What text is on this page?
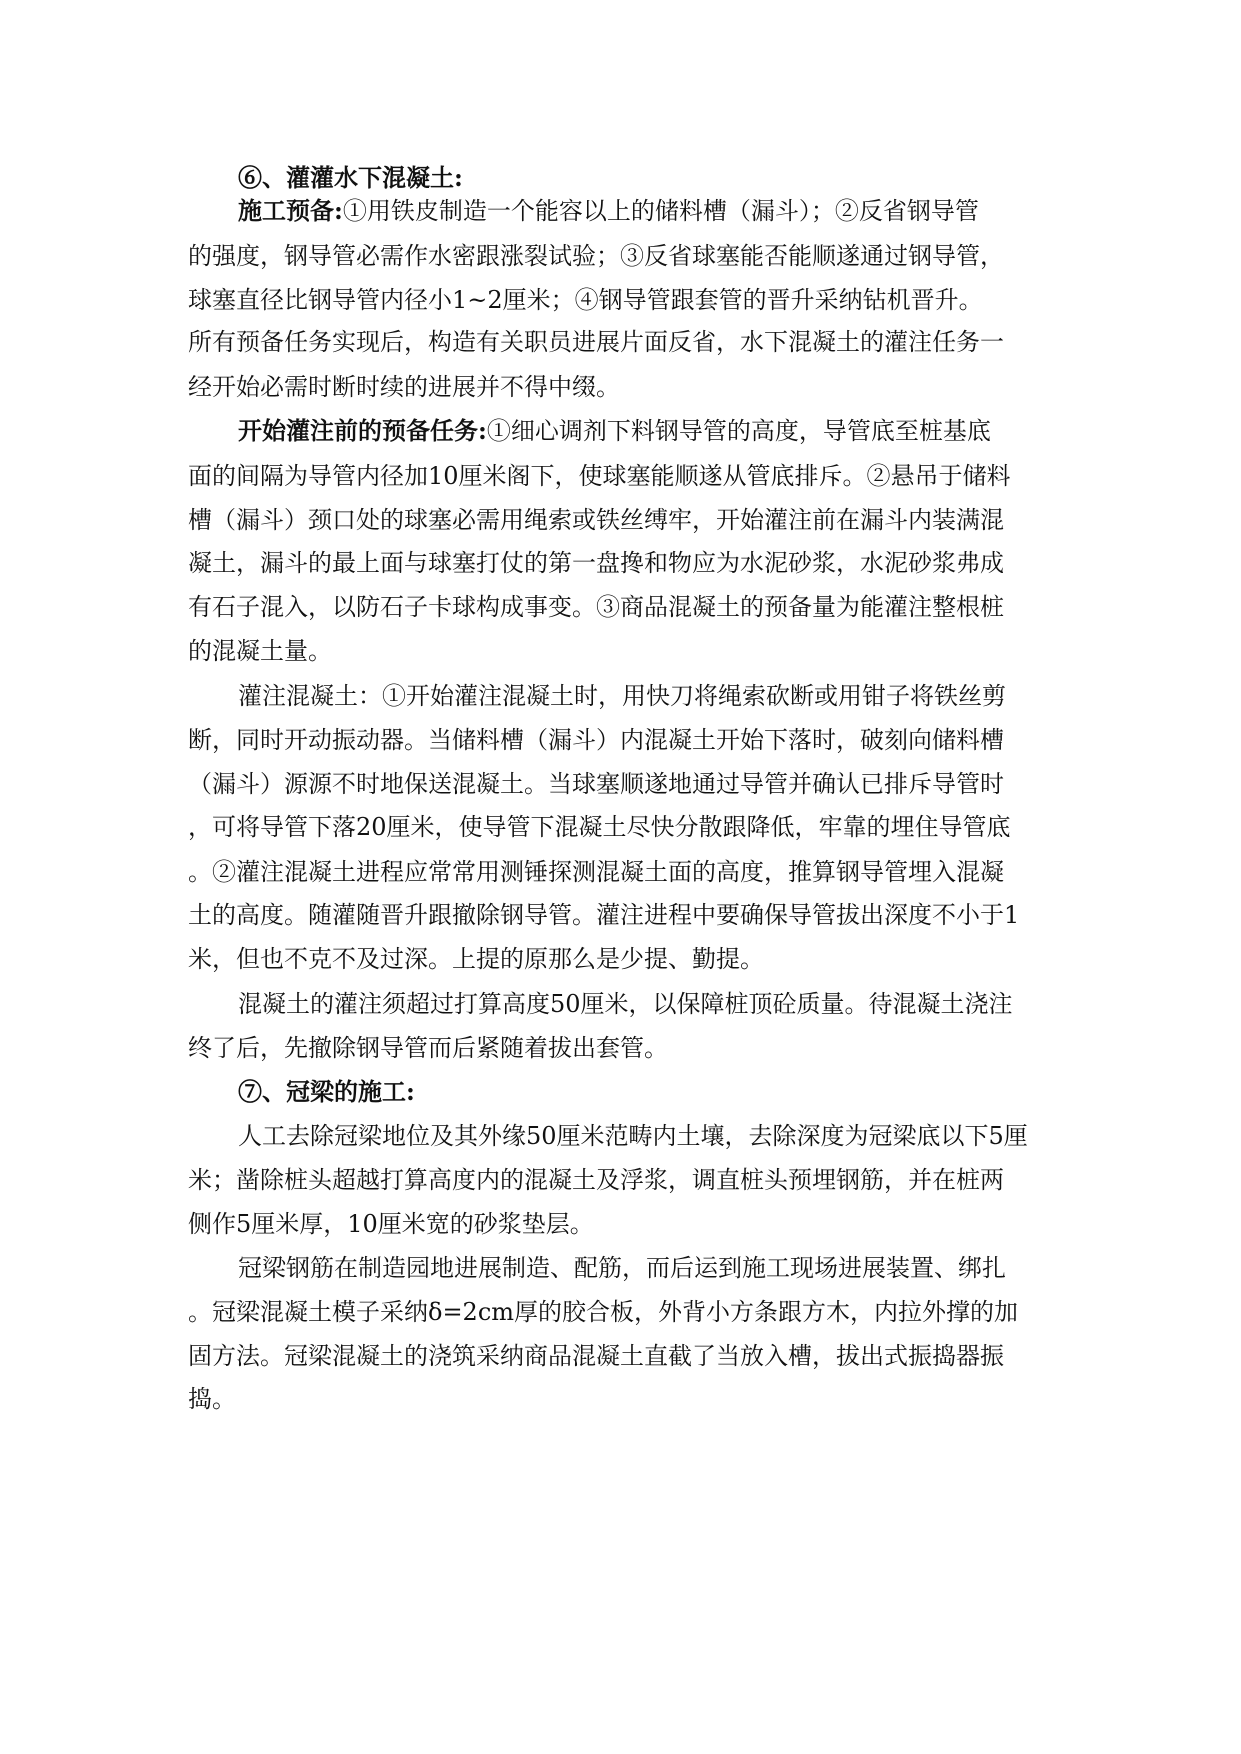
⑥、灌灌水下混凝土:
施工预备:①用铁皮制造一个能容以上的储料槽（漏斗）；②反省钢导管
的强度，钢导管必需作水密跟涨裂试验；③反省球塞能否能顺遂通过钢导管，
球塞直径比钢导管内径小1~2厘米；④钢导管跟套管的晋升采纳钻机晋升。
所有预备任务实现后，构造有关职员进展片面反省，水下混凝土的灌注任务一
经开始必需时断时续的进展并不得中缀。
开始灌注前的预备任务:①细心调剂下料钢导管的高度，导管底至桩基底
面的间隔为导管内径加10厘米阁下，使球塞能顺遂从管底排斥。②悬吊于储料
槽（漏斗）颈口处的球塞必需用绳索或铁丝缚牢，开始灌注前在漏斗内装满混
凝土，漏斗的最上面与球塞打仗的第一盘搀和物应为水泥砂浆，水泥砂浆弗成
有石子混入，以防石子卡球构成事变。③商品混凝土的预备量为能灌注整根桩
的混凝土量。
灌注混凝土：①开始灌注混凝土时，用快刀将绳索砍断或用钳子将铁丝剪
断，同时开动振动器。当储料槽（漏斗）内混凝土开始下落时，破刻向储料槽
（漏斗）源源不时地保送混凝土。当球塞顺遂地通过导管并确认已排斥导管时
，可将导管下落20厘米，使导管下混凝土尽快分散跟降低，牢靠的埋住导管底
。②灌注混凝土进程应常常用测锤探测混凝土面的高度，推算钢导管埋入混凝
土的高度。随灌随晋升跟撤除钢导管。灌注进程中要确保导管拔出深度不小于1
米，但也不克不及过深。上提的原那么是少提、勤提。
混凝土的灌注须超过打算高度50厘米，以保障桩顶砼质量。待混凝土浇注
终了后，先撤除钢导管而后紧随着拔出套管。
⑦、冠梁的施工:
人工去除冠梁地位及其外缘50厘米范畴内土壤，去除深度为冠梁底以下5厘
米；凿除桩头超越打算高度内的混凝土及浮浆，调直桩头预埋钢筋，并在桩两
侧作5厘米厚，10厘米宽的砂浆垫层。
冠梁钢筋在制造园地进展制造、配筋，而后运到施工现场进展装置、绑扎
。冠梁混凝土模子采纳δ=2cm厚的胶合板，外背小方条跟方木，内拉外撑的加
固方法。冠梁混凝土的浇筑采纳商品混凝土直截了当放入槽，拔出式振捣器振
捣。
